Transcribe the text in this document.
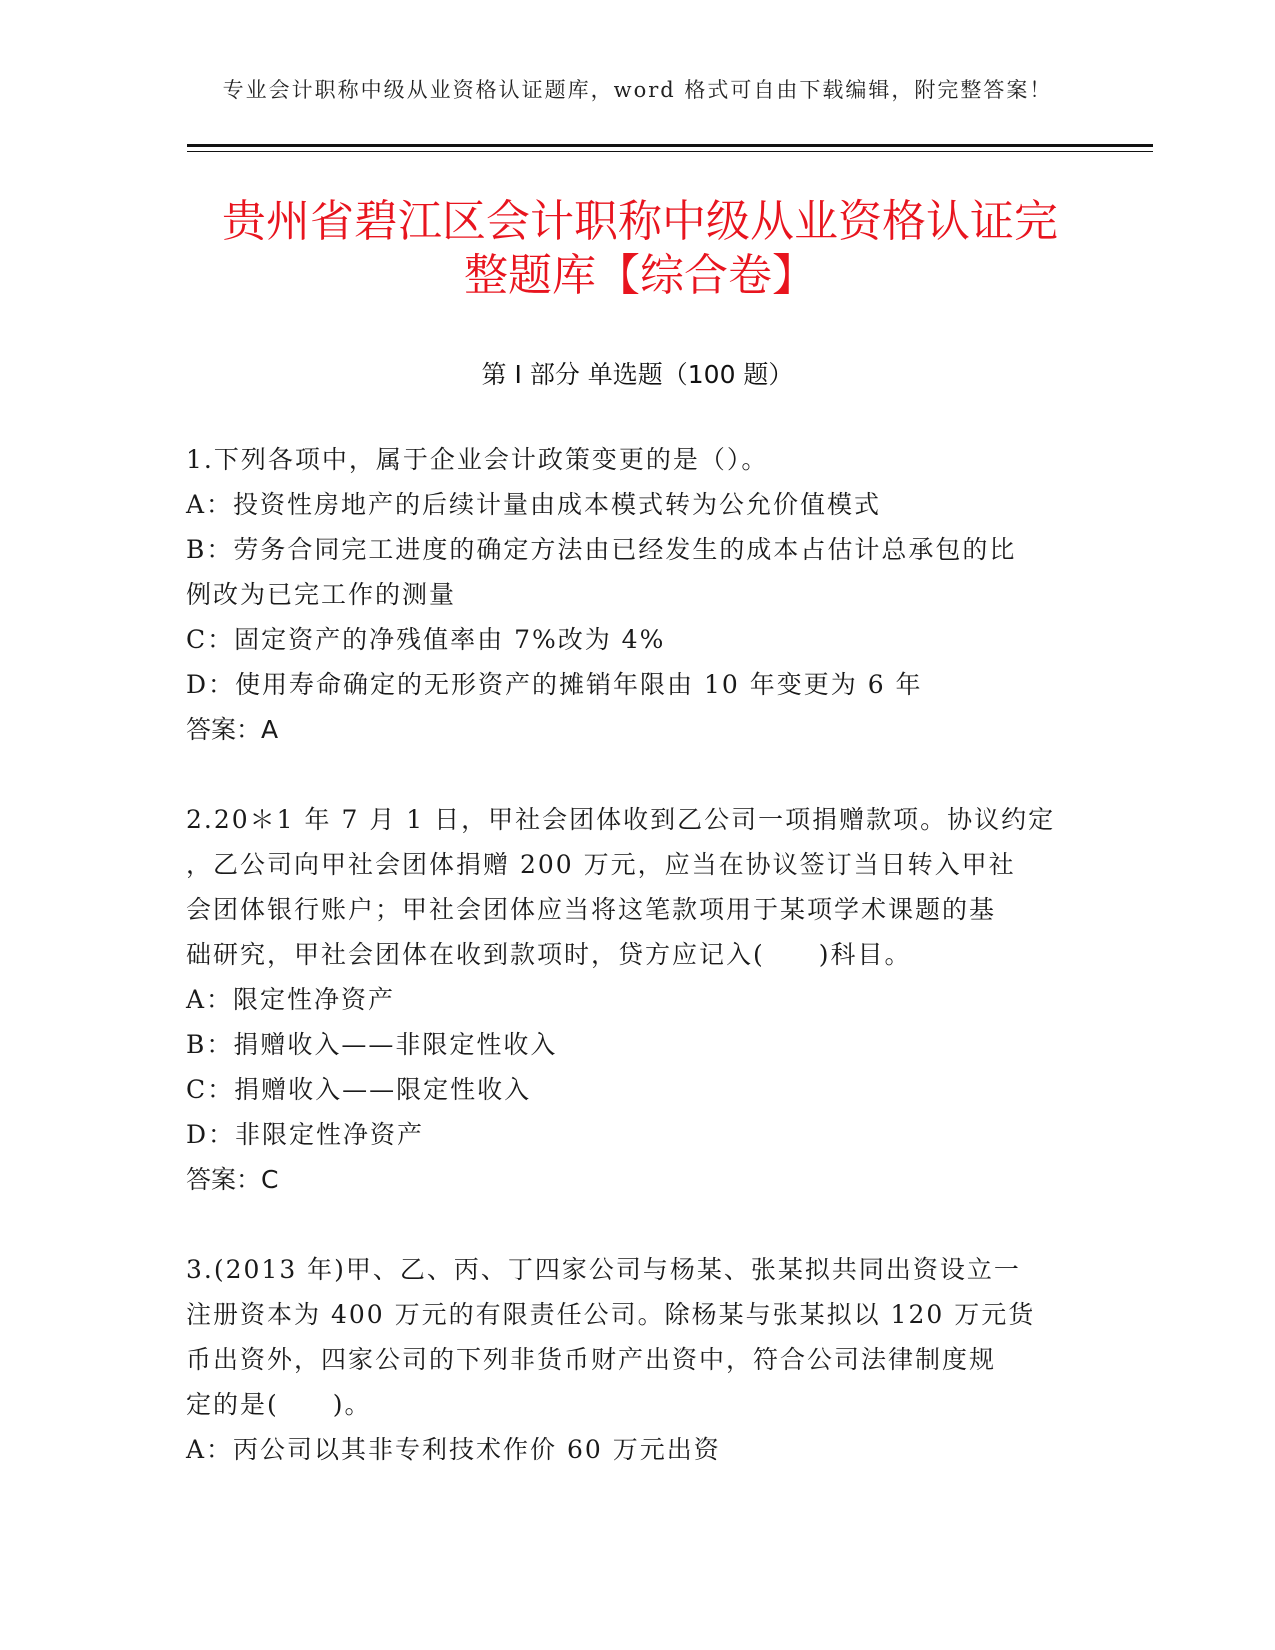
专业会计职称中级从业资格认证题库，word 格式可自由下载编辑，附完整答案！
贵州省碧江区会计职称中级从业资格认证完
整题库【综合卷】
第 I 部分 单选题（100 题）

1.下列各项中，属于企业会计政策变更的是（）。

A：投资性房地产的后续计量由成本模式转为公允价值模式

B：劳务合同完工进度的确定方法由已经发生的成本占估计总承包的比

例改为已完工作的测量

C：固定资产的净残值率由 7%改为 4%

D：使用寿命确定的无形资产的摊销年限由 10 年变更为 6 年

答案：A

2.20＊1 年 7 月 1 日，甲社会团体收到乙公司一项捐赠款项。协议约定

，乙公司向甲社会团体捐赠 200 万元，应当在协议签订当日转入甲社

会团体银行账户；甲社会团体应当将这笔款项用于某项学术课题的基

础研究，甲社会团体在收到款项时，贷方应记入(　　)科目。

A：限定性净资产

B：捐赠收入——非限定性收入

C：捐赠收入——限定性收入

D：非限定性净资产

答案：C

3.(2013 年)甲、乙、丙、丁四家公司与杨某、张某拟共同出资设立一

注册资本为 400 万元的有限责任公司。除杨某与张某拟以 120 万元货

币出资外，四家公司的下列非货币财产出资中，符合公司法律制度规

定的是(　　)。

A：丙公司以其非专利技术作价 60 万元出资
